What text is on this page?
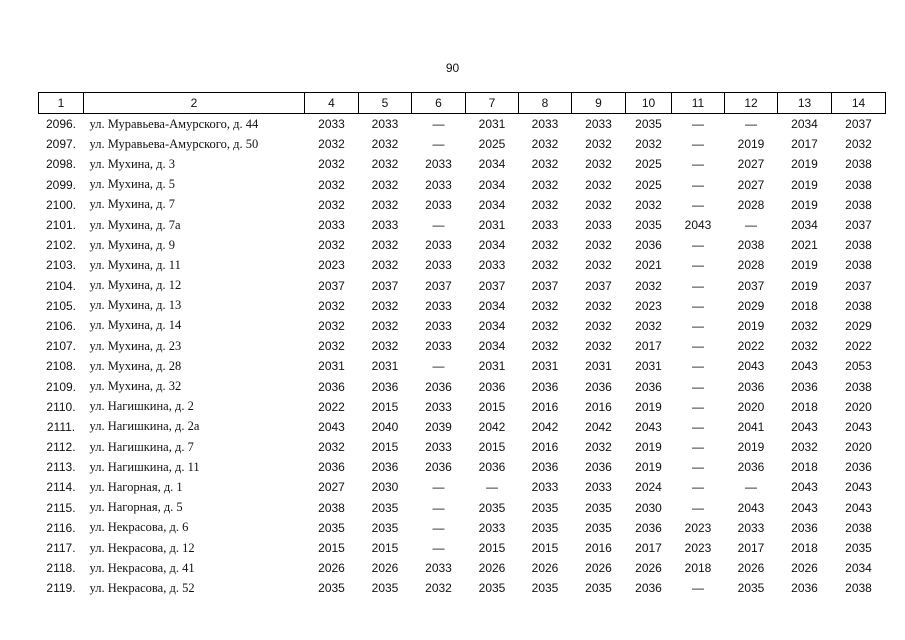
90
1	2	4	5	6	7	8	9	10	11	12	13	14
2096.	ул. Муравьева-Амурского, д. 44	2033	2033	—	2031	2033	2033	2035	—	—	2034	2037
2097.	ул. Муравьева-Амурского, д. 50	2032	2032	—	2025	2032	2032	2032	—	2019	2017	2032
2098.	ул. Мухина, д. 3	2032	2032	2033	2034	2032	2032	2025	—	2027	2019	2038
2099.	ул. Мухина, д. 5	2032	2032	2033	2034	2032	2032	2025	—	2027	2019	2038
2100.	ул. Мухина, д. 7	2032	2032	2033	2034	2032	2032	2032	—	2028	2019	2038
2101.	ул. Мухина, д. 7а	2033	2033	—	2031	2033	2033	2035	2043	—	2034	2037
2102.	ул. Мухина, д. 9	2032	2032	2033	2034	2032	2032	2036	—	2038	2021	2038
2103.	ул. Мухина, д. 11	2023	2032	2033	2033	2032	2032	2021	—	2028	2019	2038
2104.	ул. Мухина, д. 12	2037	2037	2037	2037	2037	2037	2032	—	2037	2019	2037
2105.	ул. Мухина, д. 13	2032	2032	2033	2034	2032	2032	2023	—	2029	2018	2038
2106.	ул. Мухина, д. 14	2032	2032	2033	2034	2032	2032	2032	—	2019	2032	2029
2107.	ул. Мухина, д. 23	2032	2032	2033	2034	2032	2032	2017	—	2022	2032	2022
2108.	ул. Мухина, д. 28	2031	2031	—	2031	2031	2031	2031	—	2043	2043	2053
2109.	ул. Мухина, д. 32	2036	2036	2036	2036	2036	2036	2036	—	2036	2036	2038
2110.	ул. Нагишкина, д. 2	2022	2015	2033	2015	2016	2016	2019	—	2020	2018	2020
2111.	ул. Нагишкина, д. 2а	2043	2040	2039	2042	2042	2042	2043	—	2041	2043	2043
2112.	ул. Нагишкина, д. 7	2032	2015	2033	2015	2016	2032	2019	—	2019	2032	2020
2113.	ул. Нагишкина, д. 11	2036	2036	2036	2036	2036	2036	2019	—	2036	2018	2036
2114.	ул. Нагорная, д. 1	2027	2030	—	—	2033	2033	2024	—	—	2043	2043
2115.	ул. Нагорная, д. 5	2038	2035	—	2035	2035	2035	2030	—	2043	2043	2043
2116.	ул. Некрасова, д. 6	2035	2035	—	2033	2035	2035	2036	2023	2033	2036	2038
2117.	ул. Некрасова, д. 12	2015	2015	—	2015	2015	2016	2017	2023	2017	2018	2035
2118.	ул. Некрасова, д. 41	2026	2026	2033	2026	2026	2026	2026	2018	2026	2026	2034
2119.	ул. Некрасова, д. 52	2035	2035	2032	2035	2035	2035	2036	—	2035	2036	2038
